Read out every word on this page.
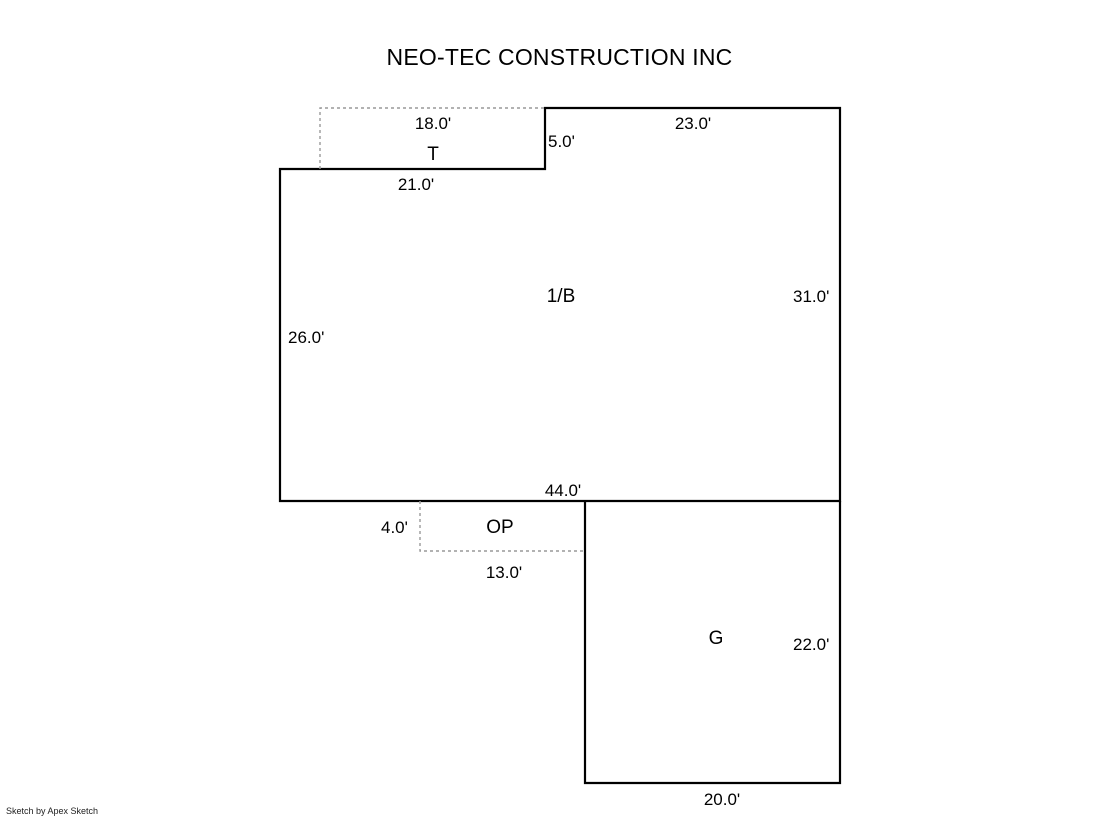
NEO-TEC CONSTRUCTION INC
T
1/B
OP
G
18.0'	23.0'
5.0'
21.0'
31.0'
26.0'
44.0'
4.0'
13.0'
22.0'
20.0'
Sketch by Apex Sketch
